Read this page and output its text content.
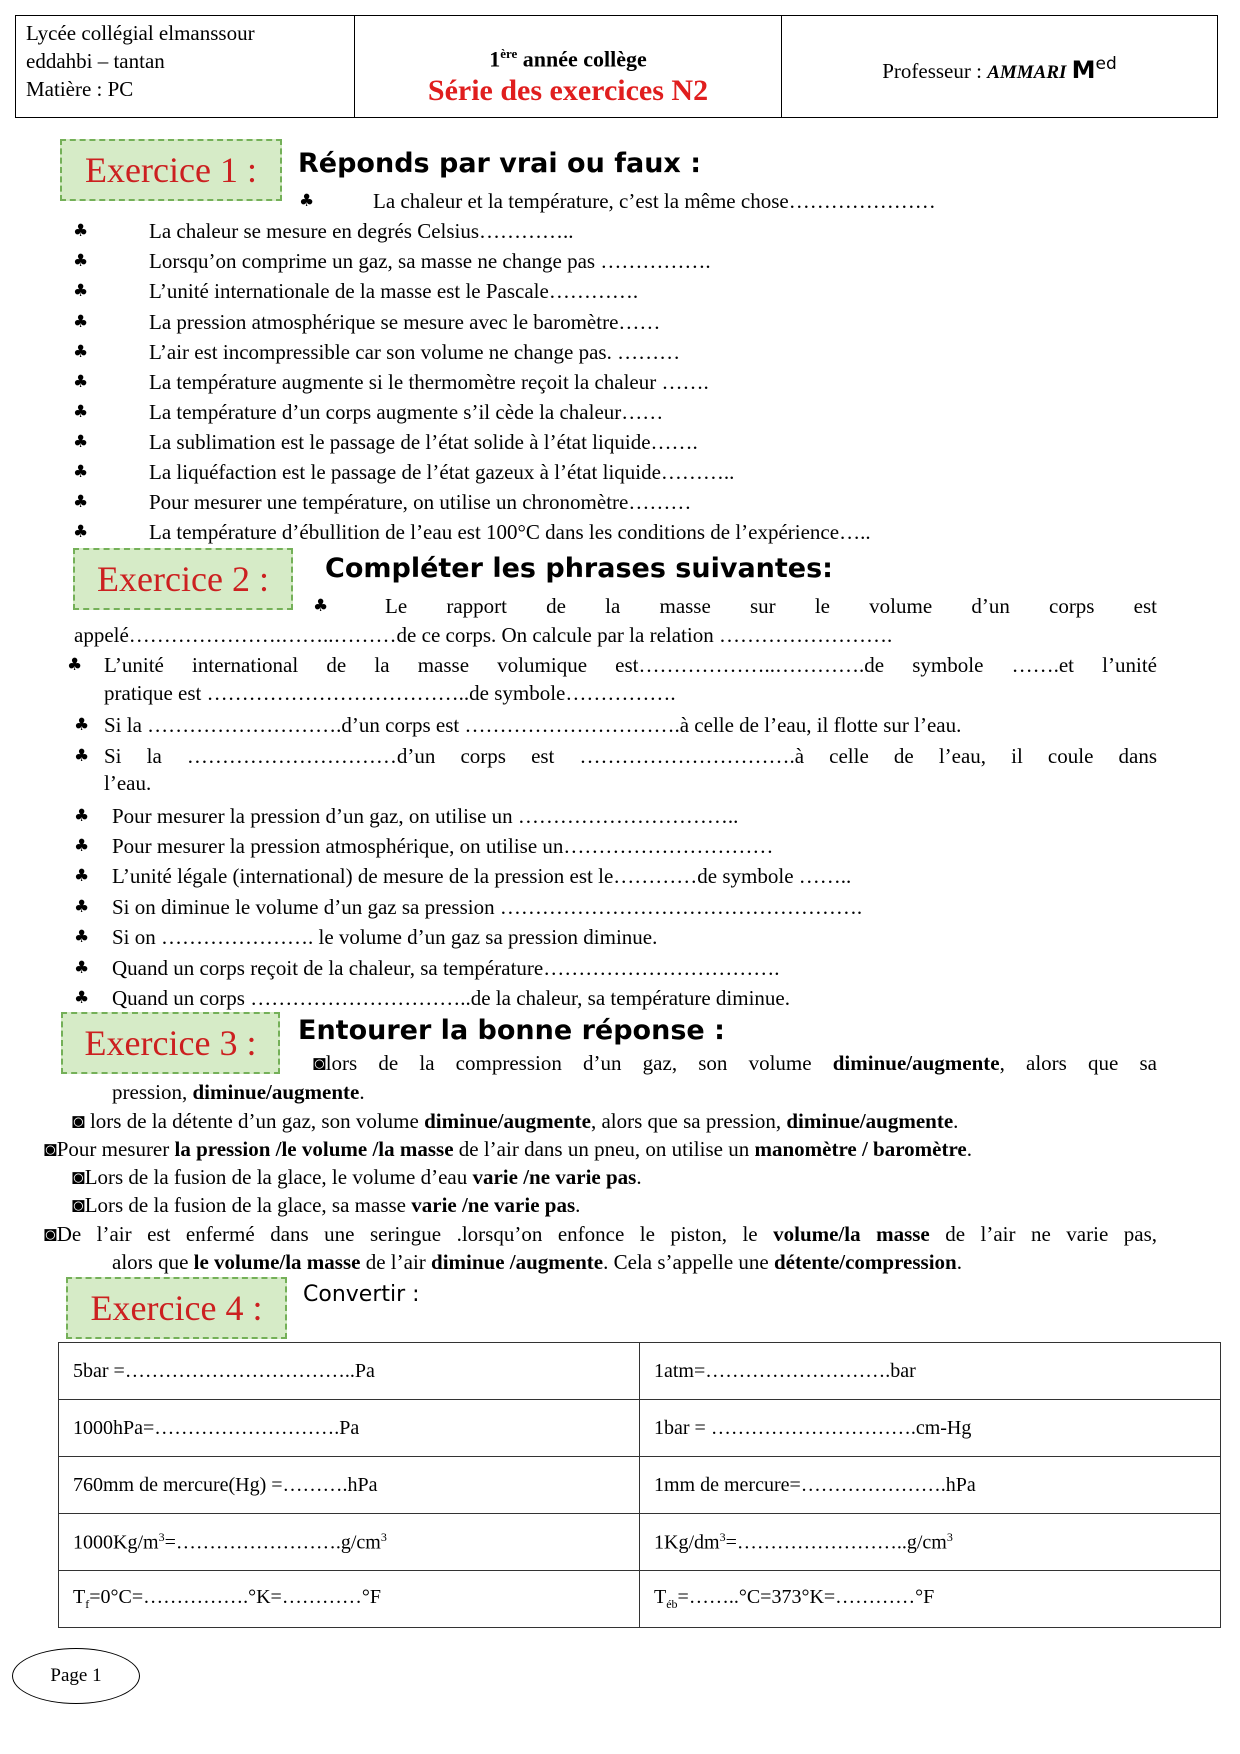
Lycée collégial elmanssour
eddahbi – tantan
Matière : PC
1ère année collège
Série des exercices N2
Professeur : AMMARI $M^{ed}$
Exercice 1 :	Réponds par vrai ou faux :
♣	La chaleur et la température, c’est la même chose…………………
♣	La chaleur se mesure en degrés Celsius…………..
♣	Lorsqu’on comprime un gaz, sa masse ne change pas …………….
♣	L’unité internationale de la masse est le Pascale………….
♣	La pression atmosphérique se mesure avec le baromètre……
♣	L’air est incompressible car son volume ne change pas. ………
♣	La température augmente si le thermomètre reçoit la chaleur …….
♣	La température d’un corps augmente s’il cède la chaleur……
♣	La sublimation est le passage de l’état solide à l’état liquide…….
♣	La liquéfaction est le passage de l’état gazeux à l’état liquide………..
♣	Pour mesurer une température, on utilise un chronomètre………
♣	La température d’ébullition de l’eau est 100°C dans les conditions de l’expérience…..
Exercice 2 :	Compléter les phrases suivantes:
♣	Le rapport de la masse sur le volume d’un corps est
appelé………………….……..………de ce corps. On calcule par la relation …………………….
♣ L’unité international de la masse volumique est………………..………….de symbole …….et l’unité
pratique est ………………………………..de symbole…………….
♣ Si la ……………………….d’un corps est ………………………….à celle de l’eau, il flotte sur l’eau.
♣ Si la …………………………d’un corps est ………………………….à celle de l’eau, il coule dans
l’eau.
♣ Pour mesurer la pression d’un gaz, on utilise un …………………………..
♣ Pour mesurer la pression atmosphérique, on utilise un…………………………
♣ L’unité légale (international) de mesure de la pression est le…………de symbole ……..
♣ Si on diminue le volume d’un gaz sa pression …………………………………………….
♣ Si on …………………. le volume d’un gaz sa pression diminue.
♣ Quand un corps reçoit de la chaleur, sa température…………………………….
♣ Quand un corps …………………………..de la chaleur, sa température diminue.
Exercice 3 :	Entourer la bonne réponse :
◙lors de la compression d’un gaz, son volume diminue/augmente, alors que sa
pression, diminue/augmente.
◙ lors de la détente d’un gaz, son volume diminue/augmente, alors que sa pression, diminue/augmente.
◙Pour mesurer la pression /le volume /la masse de l’air dans un pneu, on utilise un manomètre / baromètre.
◙Lors de la fusion de la glace, le volume d’eau varie /ne varie pas.
◙Lors de la fusion de la glace, sa masse varie /ne varie pas.
◙De l’air est enfermé dans une seringue .lorsqu’on enfonce le piston, le volume/la masse de l’air ne varie pas,
alors que le volume/la masse de l’air diminue /augmente. Cela s’appelle une détente/compression.
Exercice 4 :	Convertir :
5bar =……………………………..Pa	1atm=……………………….bar
1000hPa=……………………….Pa	1bar = ………………………….cm-Hg
760mm de mercure(Hg) =……….hPa	1mm de mercure=………………….hPa
$1000Kg/m^3=\dots\dots\dots\dots\dots\dots\dots\dots.g/cm^3$	$1Kg/dm^3=\dots\dots\dots\dots\dots\dots\dots\dots..g/cm^3$
$T_f=0^\circ C=\dots\dots\dots\dots\dots.^\circ K=\dots\dots\dots\dots^\circ F$	$T_{éb}=\dots\dots..^\circ C=373^\circ K=\dots\dots\dots\dots^\circ F$
Page 1
